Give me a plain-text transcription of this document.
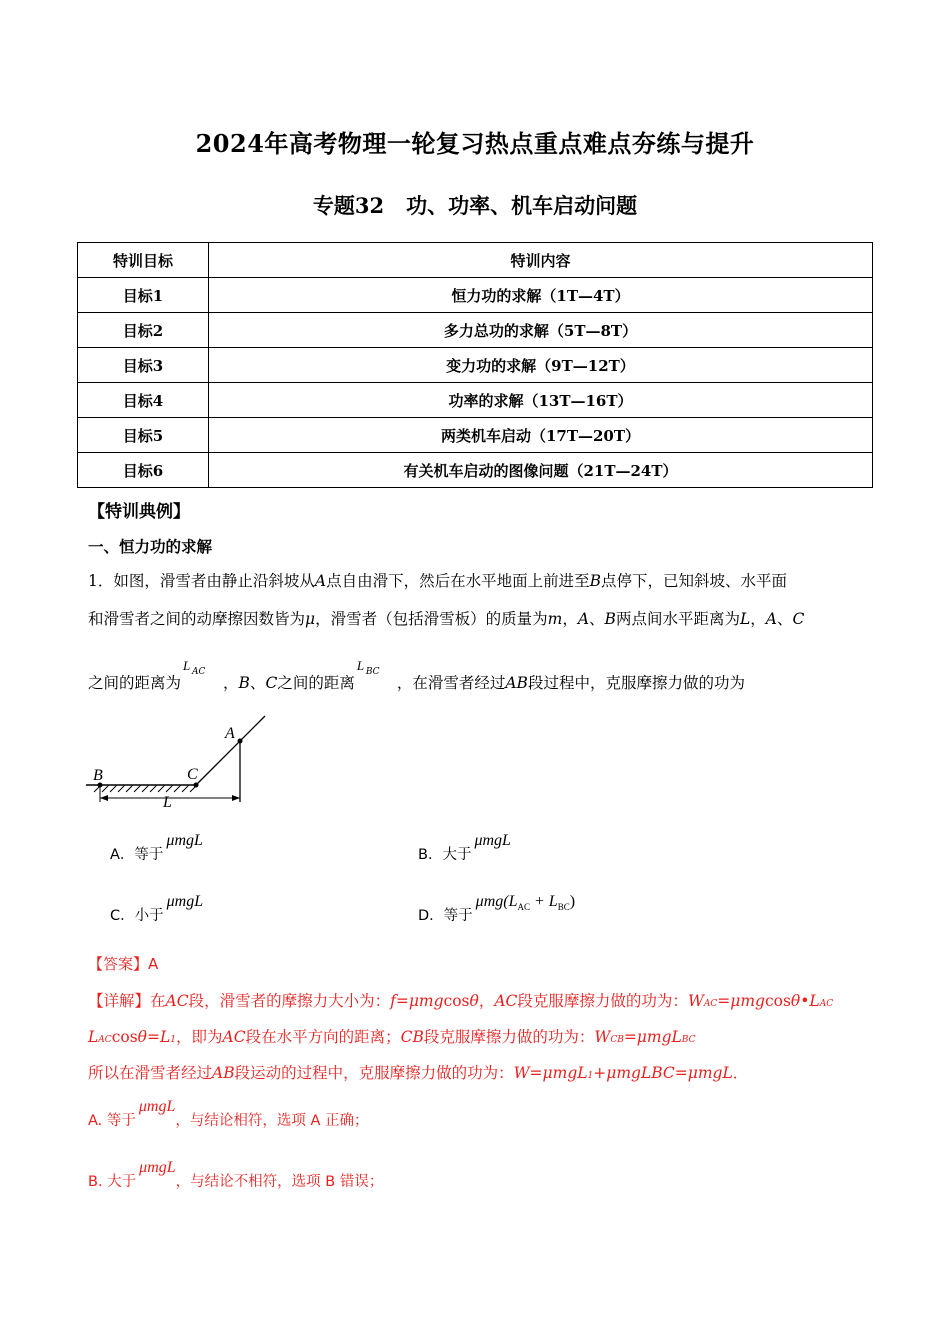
2024年高考物理一轮复习热点重点难点夯练与提升
专题32   功、功率、机车启动问题
特训目标	特训内容
目标1	恒力功的求解（1T—4T）
目标2	多力总功的求解（5T—8T）
目标3	变力功的求解（9T—12T）
目标4	功率的求解（13T—16T）
目标5	两类机车启动（17T—20T）
目标6	有关机车启动的图像问题（21T—24T）
【特训典例】
一、恒力功的求解
1．如图，滑雪者由静止沿斜坡从A点自由滑下，然后在水平地面上前进至B点停下，已知斜坡、水平面
和滑雪者之间的动摩擦因数皆为μ，滑雪者（包括滑雪板）的质量为m，A、B两点间水平距离为L，A、C
之间的距离为
L AC
，B、C之间的距离
L BC
，在滑雪者经过AB段过程中，克服摩擦力做的功为
B	C
A
L
A．等于μmgL
B．大于μmgL
C．小于μmgL
D．等于$\mu mg(L_{AC} + L_{BC})$
【答案】A
【详解】在AC段，滑雪者的摩擦力大小为：f=μmgcosθ，AC段克服摩擦力做的功为：WAC=μmgcosθ•LAC
LACcosθ=L1，即为AC段在水平方向的距离；CB段克服摩擦力做的功为：WCB=μmgLBC
所以在滑雪者经过AB段运动的过程中，克服摩擦力做的功为：W=μmgL1+μmgLBC=μmgL．
A. 等于μmgL，与结论相符，选项 A 正确；
B. 大于μmgL，与结论不相符，选项 B 错误；
